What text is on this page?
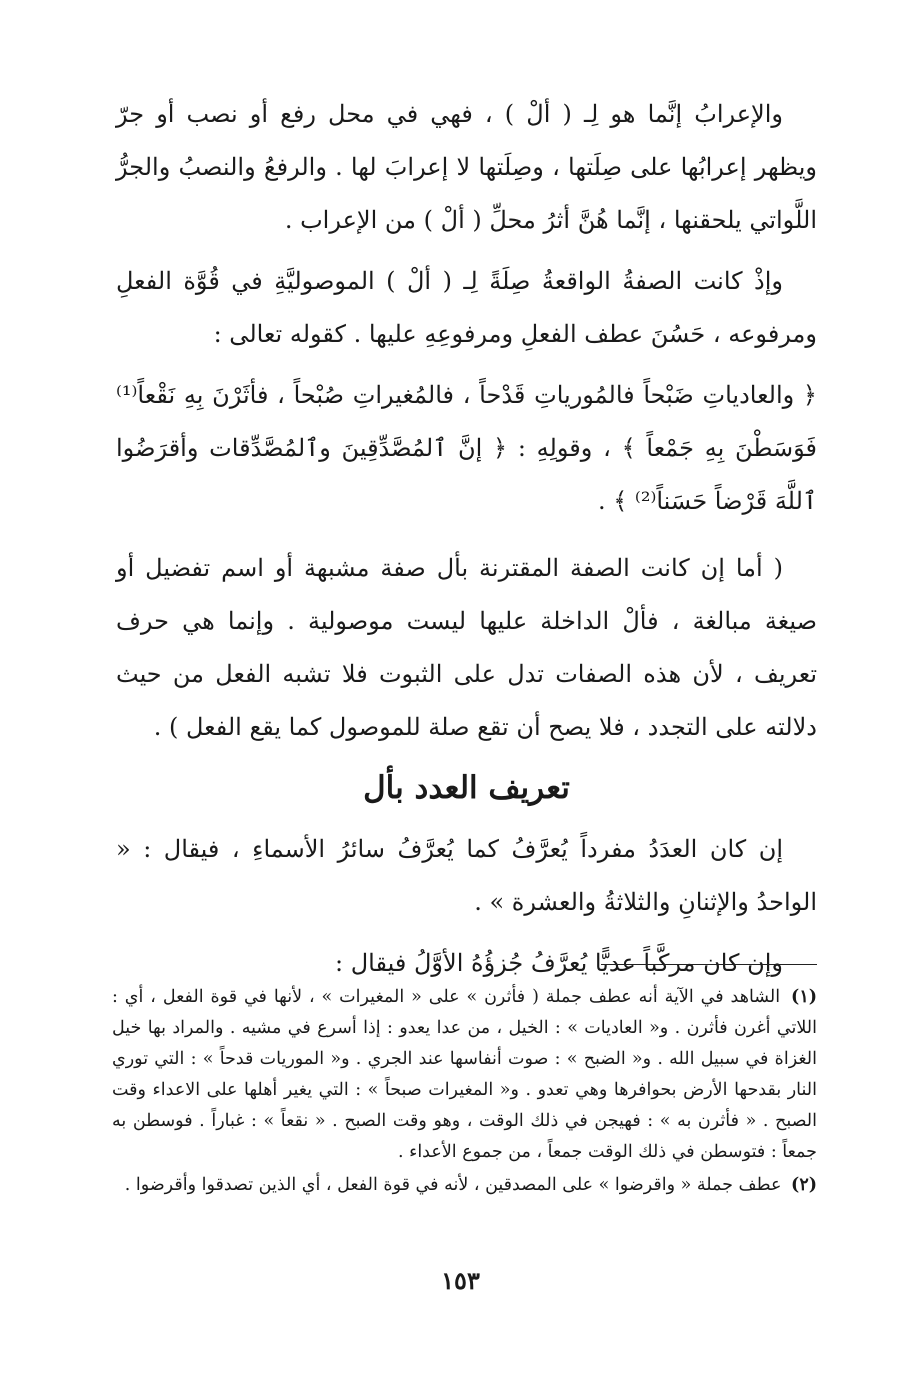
والإعرابُ إنَّما هو لِـ ( ألْ ) ، فهي في محل رفع أو نصب أو جرّ ويظهر إعرابُها على صِلَتها ، وصِلَتها لا إعرابَ لها . والرفعُ والنصبُ والجرُّ اللَّواتي يلحقنها ، إنَّما هُنَّ أثرُ محلِّ ( ألْ ) من الإعراب .

وإذْ كانت الصفةُ الواقعةُ صِلَةً لِـ ( ألْ ) الموصوليَّةِ في قُوَّة الفعلِ ومرفوعه ، حَسُنَ عطف الفعلِ ومرفوعِهِ عليها . كقوله تعالى :

﴿ والعادياتِ ضَبْحاً فالمُورياتِ قَدْحاً ، فالمُغيراتِ صُبْحاً ، فأثَرْنَ بِهِ نَقْعاً⁽¹⁾ فَوَسَطْنَ بِهِ جَمْعاً ﴾ ، وقولِهِ : ﴿ إنَّ ٱلمُصَّدِّقِينَ وٱلمُصَّدِّقات وأقرَضُوا ٱللَّهَ قَرْضاً حَسَناً⁽²⁾ ﴾ .

( أما إن كانت الصفة المقترنة بأل صفة مشبهة أو اسم تفضيل أو صيغة مبالغة ، فألْ الداخلة عليها ليست موصولية . وإنما هي حرف تعريف ، لأن هذه الصفات تدل على الثبوت فلا تشبه الفعل من حيث دلالته على التجدد ، فلا يصح أن تقع صلة للموصول كما يقع الفعل ) .

تعريف العدد بأل

إن كان العدَدُ مفرداً يُعرَّفُ كما يُعرَّفُ سائرُ الأسماءِ ، فيقال : « الواحدُ والإثنانِ والثلاثةُ والعشرة » .

وإن كان مركَّباً عديًّا يُعرَّفُ جُزؤُهُ الأوَّلُ فيقال :

(١) الشاهد في الآية أنه عطف جملة ( فأثرن » على « المغيرات » ، لأنها في قوة الفعل ، أي : اللاتي أغرن فأثرن . و« العاديات » : الخيل ، من عدا يعدو : إذا أسرع في مشيه . والمراد بها خيل الغزاة في سبيل الله . و« الضبح » : صوت أنفاسها عند الجري . و« الموريات قدحاً » : التي توري النار بقدحها الأرض بحوافرها وهي تعدو . و« المغيرات صبحاً » : التي يغير أهلها على الاعداء وقت الصبح . « فأثرن به » : فهيجن في ذلك الوقت ، وهو وقت الصبح . « نقعاً » : غباراً . فوسطن به جمعاً : فتوسطن في ذلك الوقت جمعاً ، من جموع الأعداء .

(٢) عطف جملة « واقرضوا » على المصدقين ، لأنه في قوة الفعل ، أي الذين تصدقوا وأقرضوا .

١٥٣
